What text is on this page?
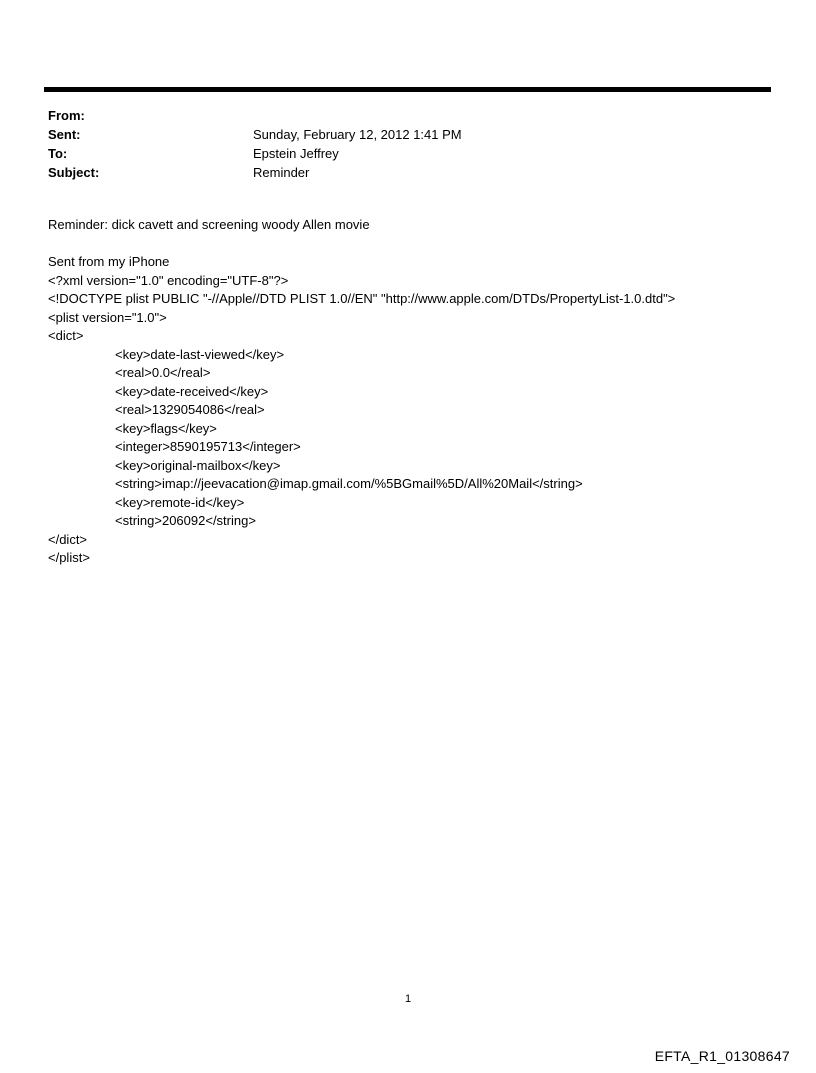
From:
Sent:	Sunday, February 12, 2012 1:41 PM
To:	Epstein Jeffrey
Subject:	Reminder
Reminder: dick cavett and screening woody Allen movie
Sent from my iPhone
<?xml version="1.0" encoding="UTF-8"?>
<!DOCTYPE plist PUBLIC "-//Apple//DTD PLIST 1.0//EN" "http://www.apple.com/DTDs/PropertyList-1.0.dtd">
<plist version="1.0">
<dict>
<key>date-last-viewed</key>
<real>0.0</real>
<key>date-received</key>
<real>1329054086</real>
<key>flags</key>
<integer>8590195713</integer>
<key>original-mailbox</key>
<string>imap://jeevacation@imap.gmail.com/%5BGmail%5D/All%20Mail</string>
<key>remote-id</key>
<string>206092</string>
</dict>
</plist>
1
EFTA_R1_01308647
